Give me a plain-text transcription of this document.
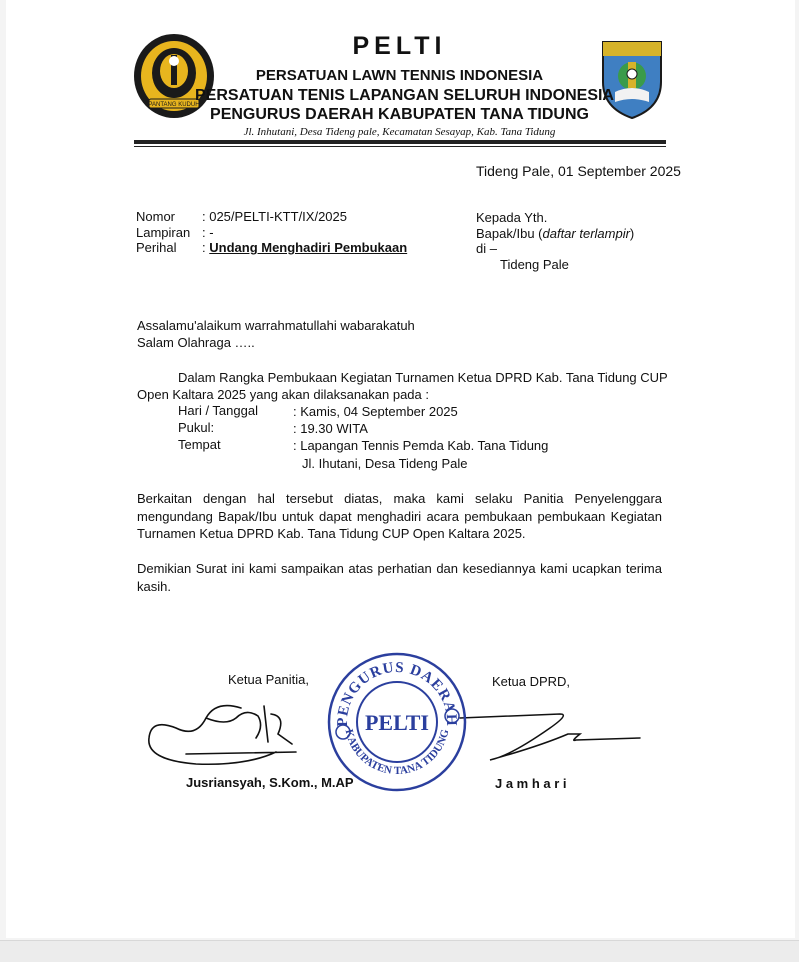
PANTANG KUDUH
PELTI
PERSATUAN LAWN TENNIS INDONESIA
PERSATUAN TENIS LAPANGAN SELURUH INDONESIA
PENGURUS DAERAH KABUPATEN TANA TIDUNG
Jl. Inhutani, Desa Tideng pale, Kecamatan Sesayap, Kab. Tana Tidung
Tideng Pale, 01 September 2025
Nomor : 025/PELTI-KTT/IX/2025
Lampiran : -
Perihal : Undang Menghadiri Pembukaan
Kepada Yth.
Bapak/Ibu (daftar terlampir)
di –
Tideng Pale
Assalamu'alaikum warrahmatullahi wabarakatuh
Salam Olahraga …..
Dalam Rangka Pembukaan Kegiatan Turnamen Ketua DPRD Kab. Tana Tidung CUP
Open Kaltara 2025 yang akan dilaksanakan pada :
Hari / Tanggal	: Kamis, 04 September 2025
Pukul:	: 19.30 WITA
Tempat	: Lapangan Tennis Pemda Kab. Tana Tidung
Jl. Ihutani, Desa Tideng Pale
Berkaitan dengan hal tersebut diatas, maka kami selaku Panitia Penyelenggara mengundang Bapak/Ibu untuk dapat menghadiri acara pembukaan pembukaan Kegiatan Turnamen Ketua DPRD Kab. Tana Tidung CUP Open Kaltara 2025.
Demikian Surat ini kami sampaikan atas perhatian dan kesediannya kami ucapkan terima kasih.
Ketua Panitia,	Ketua DPRD,
PENGURUS DAERAH
KABUPATEN TANA TIDUNG
PELTI
Jusriansyah, S.Kom., M.AP	J a m h a r i
